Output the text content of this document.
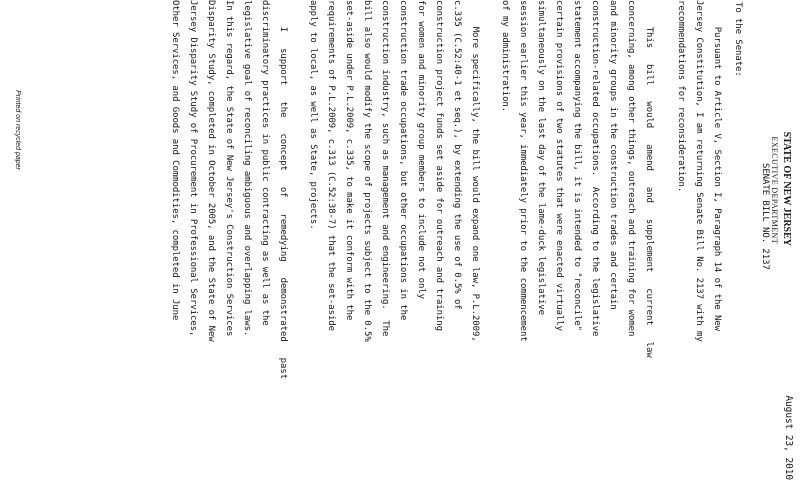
STATE OF NEW JERSEY
EXECUTIVE DEPARTMENT
August 23, 2010
SENATE BILL NO. 2137
To the Senate:
Pursuant to Article V, Section I, Paragraph 14 of the New
Jersey Constitution, I am returning Senate Bill No. 2137 with my
recommendations for reconsideration.
This   bill   would   amend   and   supplement   current   law
concerning, among other things, outreach and training for women
and minority groups in the construction trades and certain
construction-related occupations.  According to the legislative
statement accompanying the bill, it is intended to "reconcile"
certain provisions of two statutes that were enacted virtually
simultaneously on the last day of the lame-duck legislative
session earlier this year, immediately prior to the commencement
of my administration.
More specifically, the bill would expand one law, P.L.2009,
c.335 (C.52:40-1 et seq.), by extending the use of 0.5% of
construction project funds set aside for outreach and training
for women and minority group members to include not only
construction trade occupations, but other occupations in the
construction industry, such as management and engineering.  The
bill also would modify the scope of projects subject to the 0.5%
set-aside under P.L.2009, c.335, to make it conform with the
requirements of P.L.2009, c.313 (C.52:38-7) that the set-aside
apply to local, as well as State, projects.
I   support   the   concept   of   remedying   demonstrated   past
discriminatory practices in public contracting as well as the
legislative goal of reconciling ambiguous and overlapping laws.
In this regard, the State of New Jersey's Construction Services
Disparity Study, completed in October 2005, and the State of New
Jersey Disparity Study of Procurement in Professional Services,
Other Services, and Goods and Commodities, completed in June
Printed on recycled paper
